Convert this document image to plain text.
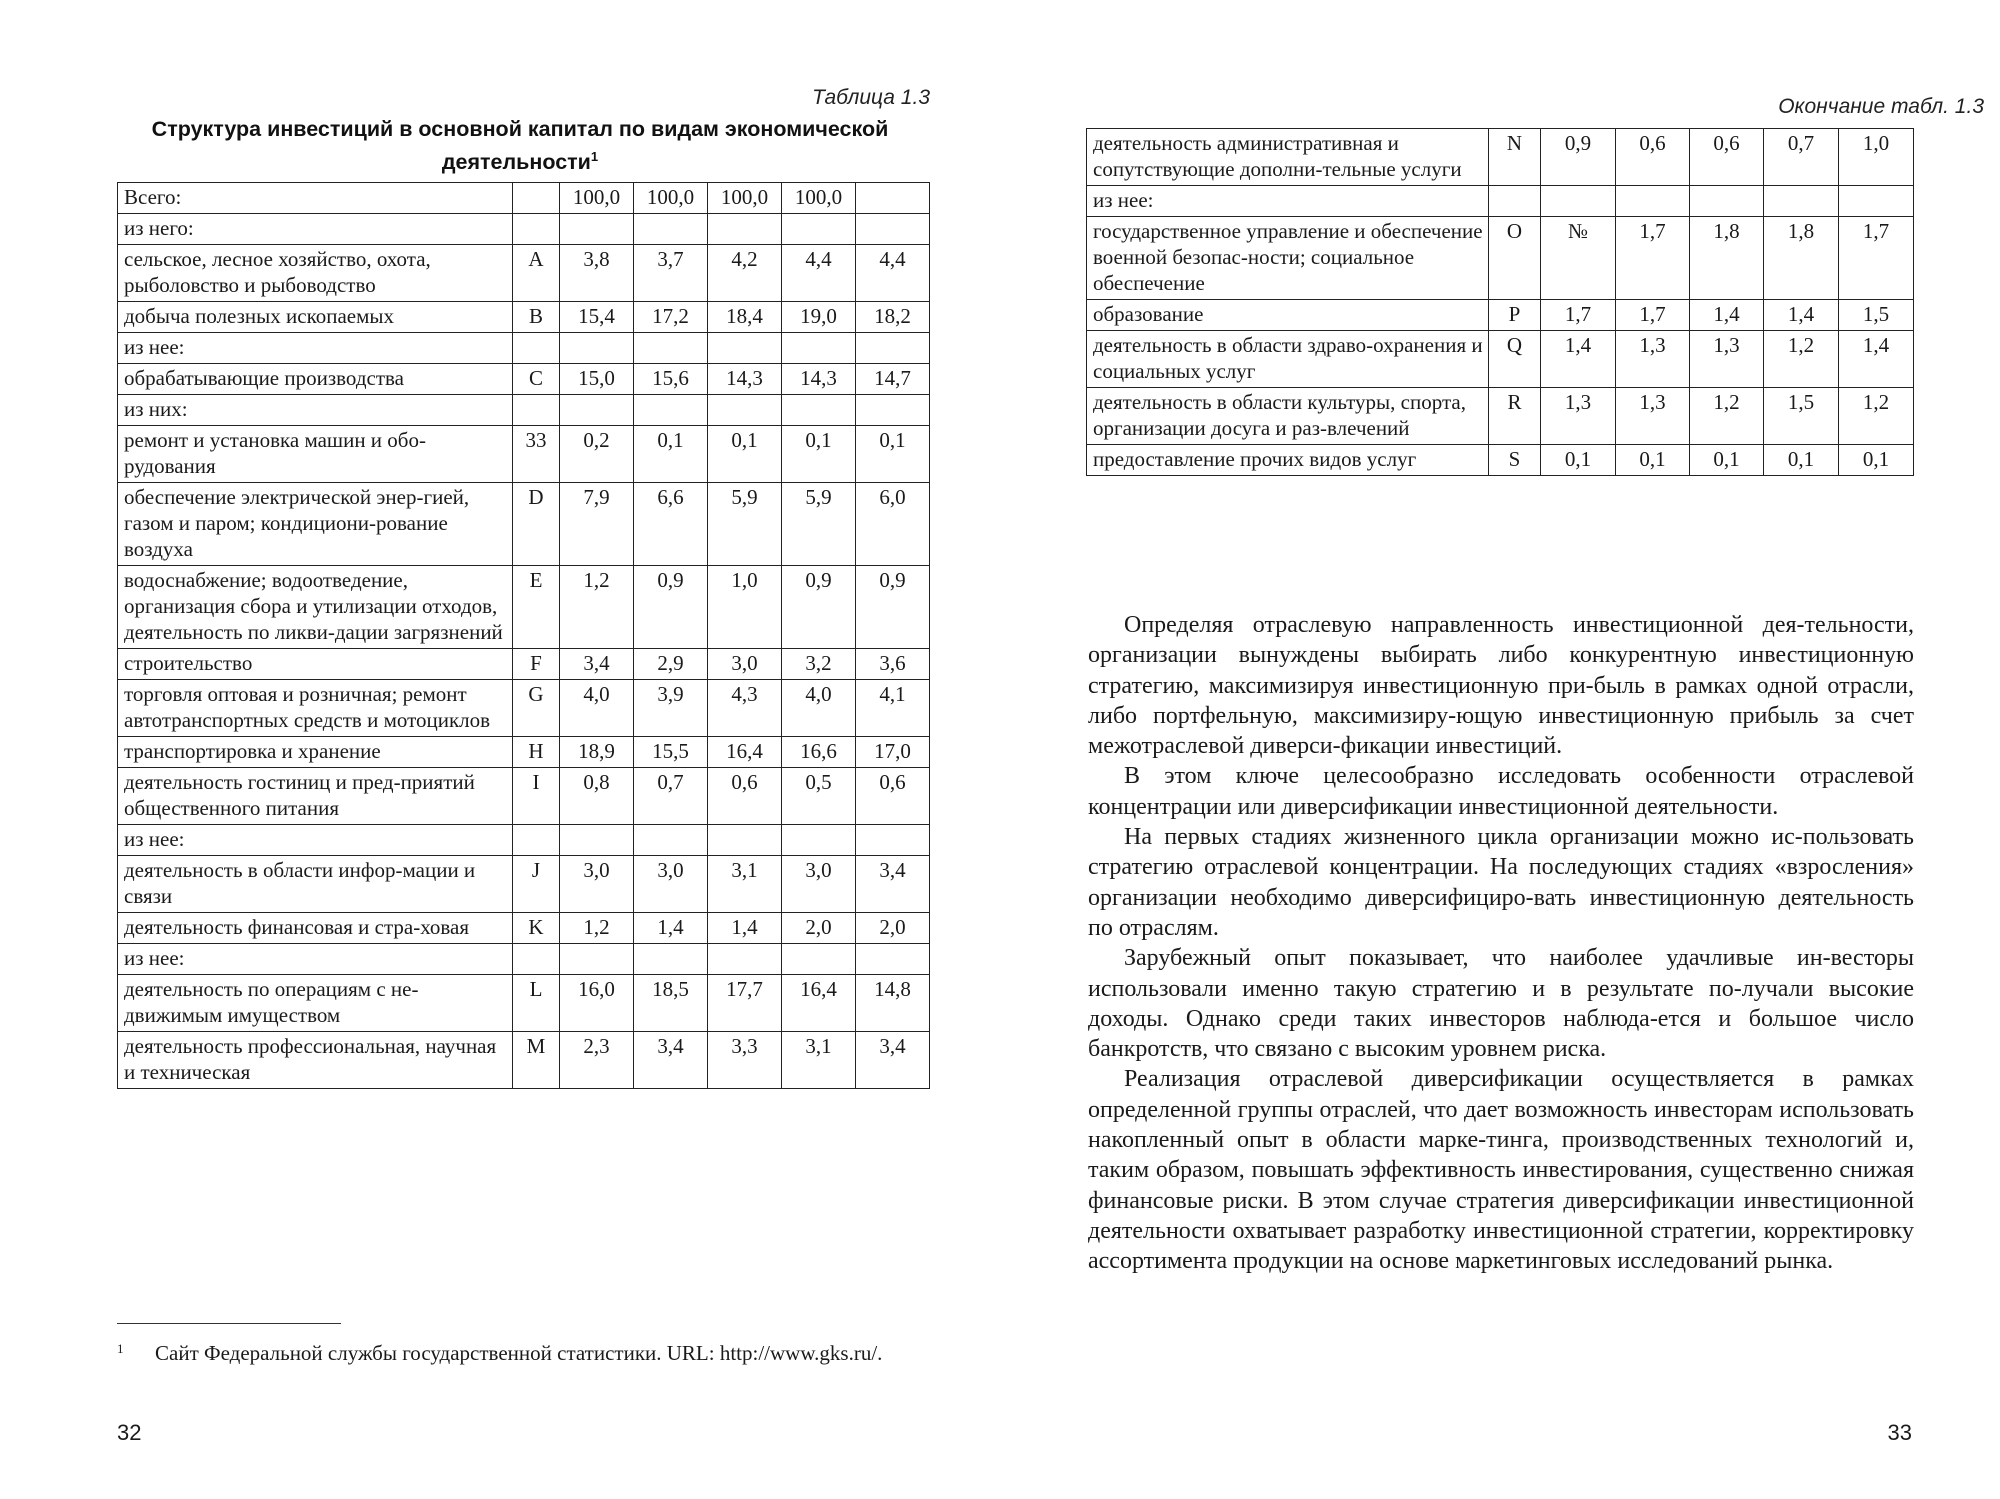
Таблица 1.3
Структура инвестиций в основной капитал по видам экономической деятельности$^1$
Всего:		100,0	100,0	100,0	100,0	
из него:						
сельское, лесное хозяйство, охота, рыболовство и рыбоводство	A	3,8	3,7	4,2	4,4	4,4
добыча полезных ископаемых	B	15,4	17,2	18,4	19,0	18,2
из нее:						
обрабатывающие производства	C	15,0	15,6	14,3	14,3	14,7
из них:						
ремонт и установка машин и обо-рудования	33	0,2	0,1	0,1	0,1	0,1
обеспечение электрической энер-гией, газом и паром; кондициони-рование воздуха	D	7,9	6,6	5,9	5,9	6,0
водоснабжение; водоотведение, организация сбора и утилизации отходов, деятельность по ликви-дации загрязнений	E	1,2	0,9	1,0	0,9	0,9
строительство	F	3,4	2,9	3,0	3,2	3,6
торговля оптовая и розничная; ремонт автотранспортных средств и мотоциклов	G	4,0	3,9	4,3	4,0	4,1
транспортировка и хранение	H	18,9	15,5	16,4	16,6	17,0
деятельность гостиниц и пред-приятий общественного питания	I	0,8	0,7	0,6	0,5	0,6
из нее:						
деятельность в области инфор-мации и связи	J	3,0	3,0	3,1	3,0	3,4
деятельность финансовая и стра-ховая	K	1,2	1,4	1,4	2,0	2,0
из нее:						
деятельность по операциям с не-движимым имуществом	L	16,0	18,5	17,7	16,4	14,8
деятельность профессиональная, научная и техническая	M	2,3	3,4	3,3	3,1	3,4
1	Сайт Федеральной службы государственной статистики. URL: http://www.gks.ru/.
32
Окончание табл. 1.3
деятельность административная и сопутствующие дополни-тельные услуги	N	0,9	0,6	0,6	0,7	1,0
из нее:						
государственное управление и обеспечение военной безопас-ности; социальное обеспечение	O	№	1,7	1,8	1,8	1,7
образование	P	1,7	1,7	1,4	1,4	1,5
деятельность в области здраво-охранения и социальных услуг	Q	1,4	1,3	1,3	1,2	1,4
деятельность в области культуры, спорта, организации досуга и раз-влечений	R	1,3	1,3	1,2	1,5	1,2
предоставление прочих видов услуг	S	0,1	0,1	0,1	0,1	0,1

Определяя отраслевую направленность инвестиционной дея-тельности, организации вынуждены выбирать либо конкурентную инвестиционную стратегию, максимизируя инвестиционную при-быль в рамках одной отрасли, либо портфельную, максимизиру-ющую инвестиционную прибыль за счет межотраслевой диверси-фикации инвестиций.

В этом ключе целесообразно исследовать особенности отраслевой концентрации или диверсификации инвестиционной деятельности.

На первых стадиях жизненного цикла организации можно ис-пользовать стратегию отраслевой концентрации. На последующих стадиях «взросления» организации необходимо диверсифициро-вать инвестиционную деятельность по отраслям.

Зарубежный опыт показывает, что наиболее удачливые ин-весторы использовали именно такую стратегию и в результате по-лучали высокие доходы. Однако среди таких инвесторов наблюда-ется и большое число банкротств, что связано с высоким уровнем риска.

Реализация отраслевой диверсификации осуществляется в рамках определенной группы отраслей, что дает возможность инвесторам использовать накопленный опыт в области марке-тинга, производственных технологий и, таким образом, повышать эффективность инвестирования, существенно снижая финансовые риски. В этом случае стратегия диверсификации инвестиционной деятельности охватывает разработку инвестиционной стратегии, корректировку ассортимента продукции на основе маркетинговых исследований рынка.

33
